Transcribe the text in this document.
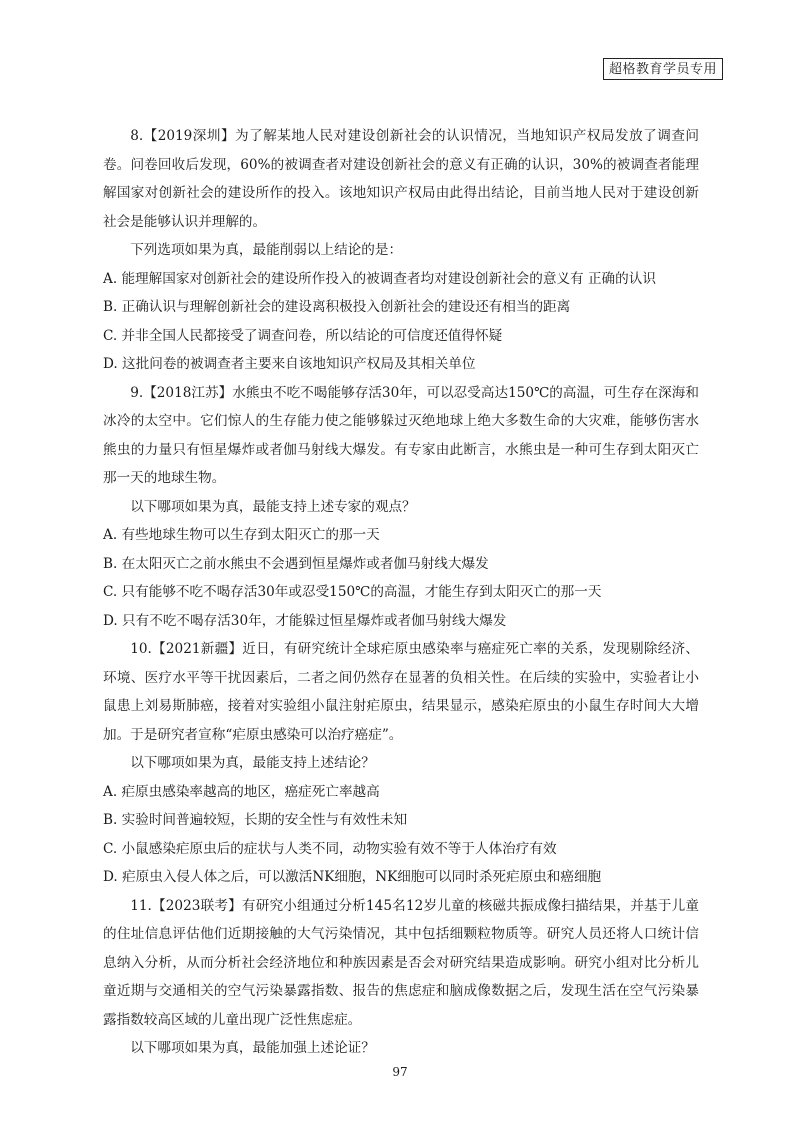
超格教育学员专用

8.【2019深圳】为了解某地人民对建设创新社会的认识情况，当地知识产权局发放了调查问卷。问卷回收后发现，60%的被调查者对建设创新社会的意义有正确的认识，30%的被调查者能理解国家对创新社会的建设所作的投入。该地知识产权局由此得出结论，目前当地人民对于建设创新社会是能够认识并理解的。

下列选项如果为真，最能削弱以上结论的是：

A. 能理解国家对创新社会的建设所作投入的被调查者均对建设创新社会的意义有 正确的认识

B. 正确认识与理解创新社会的建设离积极投入创新社会的建设还有相当的距离

C. 并非全国人民都接受了调查问卷，所以结论的可信度还值得怀疑

D. 这批问卷的被调查者主要来自该地知识产权局及其相关单位

9.【2018江苏】水熊虫不吃不喝能够存活30年，可以忍受高达150℃的高温，可生存在深海和冰冷的太空中。它们惊人的生存能力使之能够躲过灭绝地球上绝大多数生命的大灾难，能够伤害水熊虫的力量只有恒星爆炸或者伽马射线大爆发。有专家由此断言，水熊虫是一种可生存到太阳灭亡那一天的地球生物。

以下哪项如果为真，最能支持上述专家的观点？

A. 有些地球生物可以生存到太阳灭亡的那一天

B. 在太阳灭亡之前水熊虫不会遇到恒星爆炸或者伽马射线大爆发

C. 只有能够不吃不喝存活30年或忍受150℃的高温，才能生存到太阳灭亡的那一天

D. 只有不吃不喝存活30年，才能躲过恒星爆炸或者伽马射线大爆发

10.【2021新疆】近日，有研究统计全球疟原虫感染率与癌症死亡率的关系，发现剔除经济、环境、医疗水平等干扰因素后，二者之间仍然存在显著的负相关性。在后续的实验中，实验者让小鼠患上刘易斯肺癌，接着对实验组小鼠注射疟原虫，结果显示，感染疟原虫的小鼠生存时间大大增加。于是研究者宣称“疟原虫感染可以治疗癌症”。

以下哪项如果为真，最能支持上述结论？

A. 疟原虫感染率越高的地区，癌症死亡率越高

B. 实验时间普遍较短，长期的安全性与有效性未知

C. 小鼠感染疟原虫后的症状与人类不同，动物实验有效不等于人体治疗有效

D. 疟原虫入侵人体之后，可以激活NK细胞，NK细胞可以同时杀死疟原虫和癌细胞

11.【2023联考】有研究小组通过分析145名12岁儿童的核磁共振成像扫描结果，并基于儿童的住址信息评估他们近期接触的大气污染情况，其中包括细颗粒物质等。研究人员还将人口统计信息纳入分析，从而分析社会经济地位和种族因素是否会对研究结果造成影响。研究小组对比分析儿童近期与交通相关的空气污染暴露指数、报告的焦虑症和脑成像数据之后，发现生活在空气污染暴露指数较高区域的儿童出现广泛性焦虑症。

以下哪项如果为真，最能加强上述论证？

97
